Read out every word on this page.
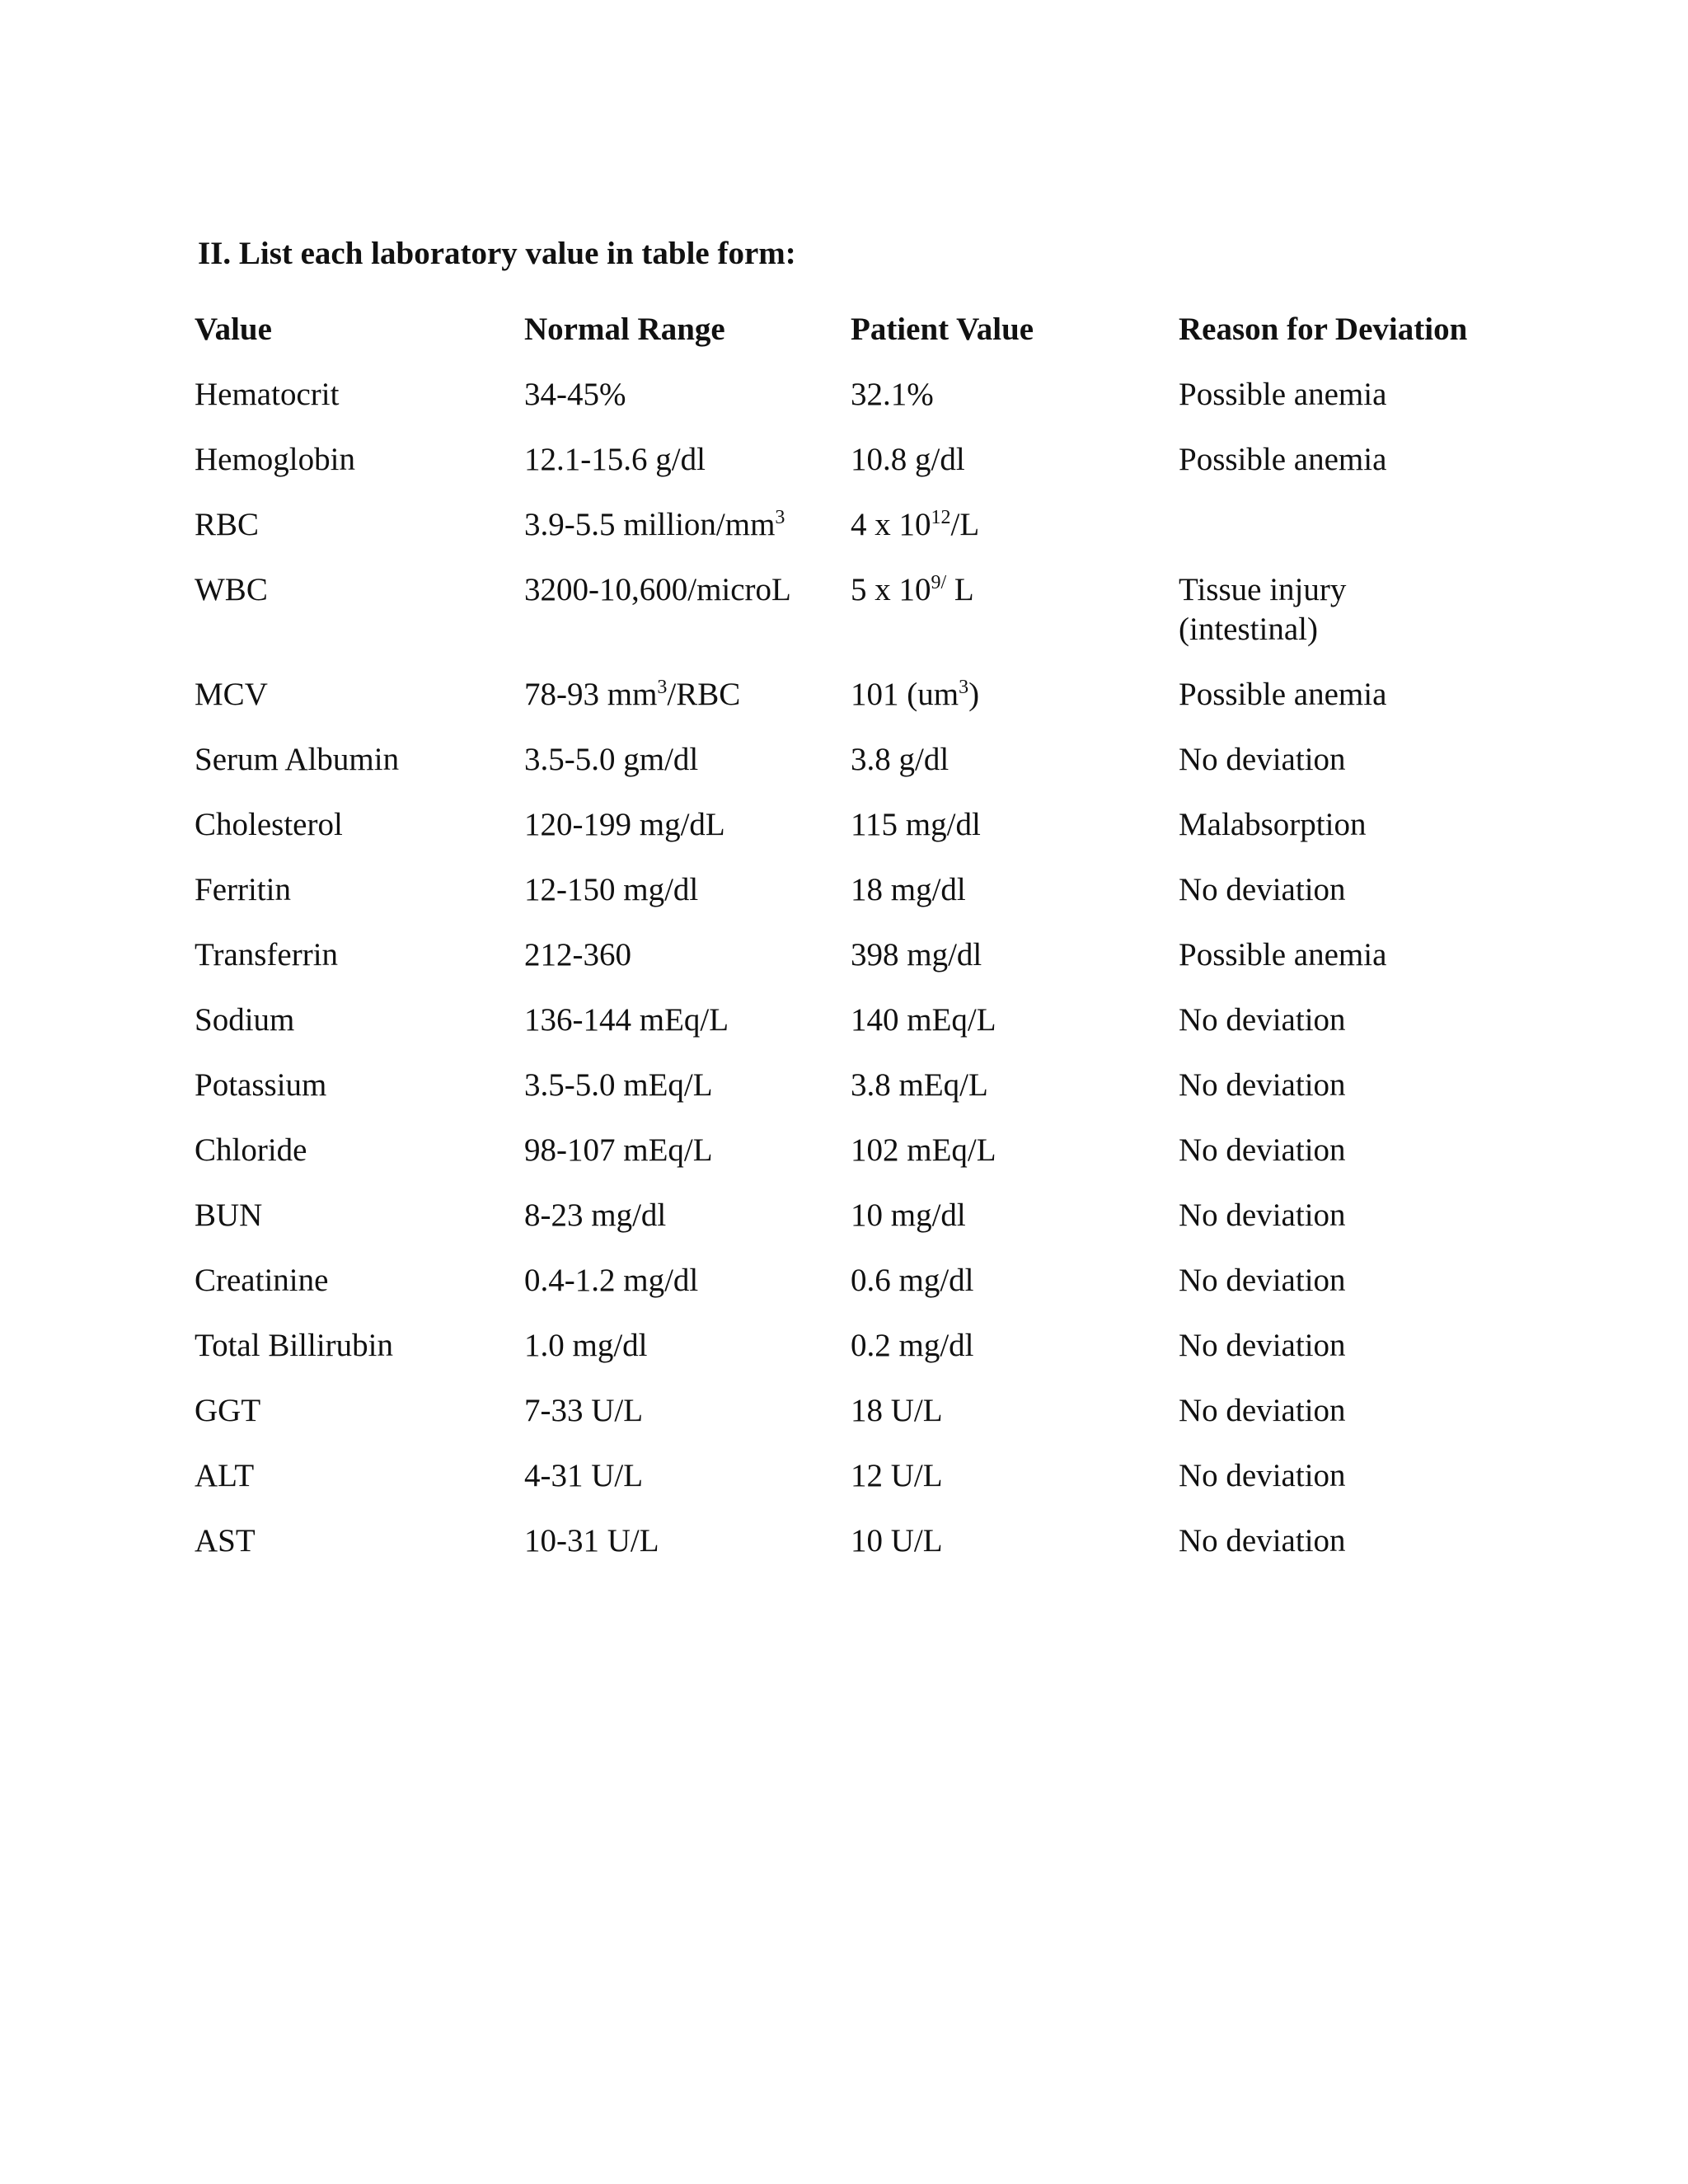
II. List each laboratory value in table form:
Value	Normal Range	Patient Value	Reason for Deviation
Hematocrit	34-45%	32.1%	Possible anemia
Hemoglobin	12.1-15.6 g/dl	10.8 g/dl	Possible anemia
RBC	3.9-5.5 million/$mm^3$	4 x $10^{12}/L$	
WBC	3200-10,600/microL	5 x $10^{9/}$ L	Tissue injury
(intestinal)

MCV	78-93 $mm^3$/RBC	101 $(um^3)$	Possible anemia
Serum Albumin	3.5-5.0 gm/dl	3.8 g/dl	No deviation
Cholesterol	120-199 mg/dL	115 mg/dl	Malabsorption
Ferritin	12-150 mg/dl	18 mg/dl	No deviation
Transferrin	212-360	398 mg/dl	Possible anemia
Sodium	136-144 mEq/L	140 mEq/L	No deviation
Potassium	3.5-5.0 mEq/L	3.8 mEq/L	No deviation
Chloride	98-107 mEq/L	102 mEq/L	No deviation
BUN	8-23 mg/dl	10 mg/dl	No deviation
Creatinine	0.4-1.2 mg/dl	0.6 mg/dl	No deviation
Total Billirubin	1.0 mg/dl	0.2 mg/dl	No deviation
GGT	7-33 U/L	18 U/L	No deviation
ALT	4-31 U/L	12 U/L	No deviation
AST	10-31 U/L	10 U/L	No deviation
